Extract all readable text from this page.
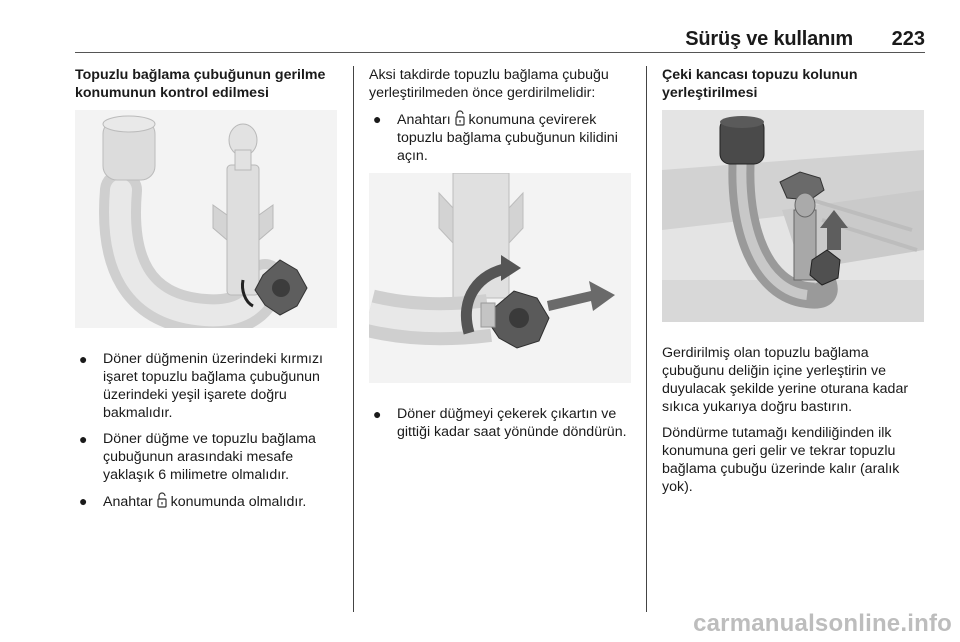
Sürüş ve kullanım 223
Topuzlu bağlama çubuğunun gerilme konumunun kontrol edilmesi
● Döner düğmenin üzerindeki kırmızı işaret topuzlu bağlama çubuğunun üzerindeki yeşil işarete doğru bakmalıdır.
● Döner düğme ve topuzlu bağlama çubuğunun arasındaki mesafe yaklaşık 6 milimetre olmalıdır.
● Anahtar konumunda olmalıdır.

Aksi takdirde topuzlu bağlama çubuğu yerleştirilmeden önce gerdirilmelidir:

● Anahtarı konumuna çevirerek topuzlu bağlama çubuğunun kilidini açın.
● Döner düğmeyi çekerek çıkartın ve gittiği kadar saat yönünde döndürün.
Çeki kancası topuzu kolunun yerleştirilmesi

Gerdirilmiş olan topuzlu bağlama çubuğunu deliğin içine yerleştirin ve duyulacak şekilde yerine oturana kadar sıkıca yukarıya doğru bastırın.

Döndürme tutamağı kendiliğinden ilk konumuna geri gelir ve tekrar topuzlu bağlama çubuğu üzerinde kalır (aralık yok).

carmanualsonline.info
